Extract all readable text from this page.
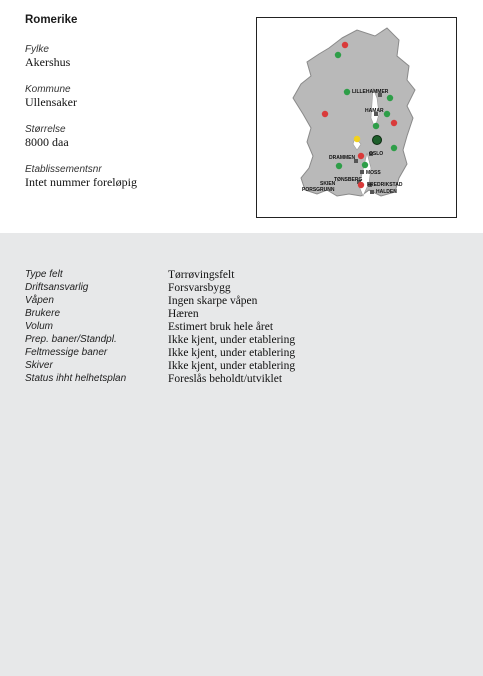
Romerike
Fylke
Akershus
Kommune
Ullensaker
Størrelse
8000 daa
Etablissementsnr
Intet nummer foreløpig
LILLEHAMMER
HAMAR
OSLO
DRAMMEN
MOSS
TØNSBERG
FREDRIKSTAD
SKIEN
PORSGRUNN	HALDEN
Type felt	Tørrøvingsfelt
Driftsansvarlig	Forsvarsbygg
Våpen	Ingen skarpe våpen
Brukere	Hæren
Volum	Estimert bruk hele året
Prep. baner/Standpl.	Ikke kjent, under etablering
Feltmessige baner	Ikke kjent, under etablering
Skiver	Ikke kjent, under etablering
Status ihht helhetsplan	Foreslås beholdt/utviklet
